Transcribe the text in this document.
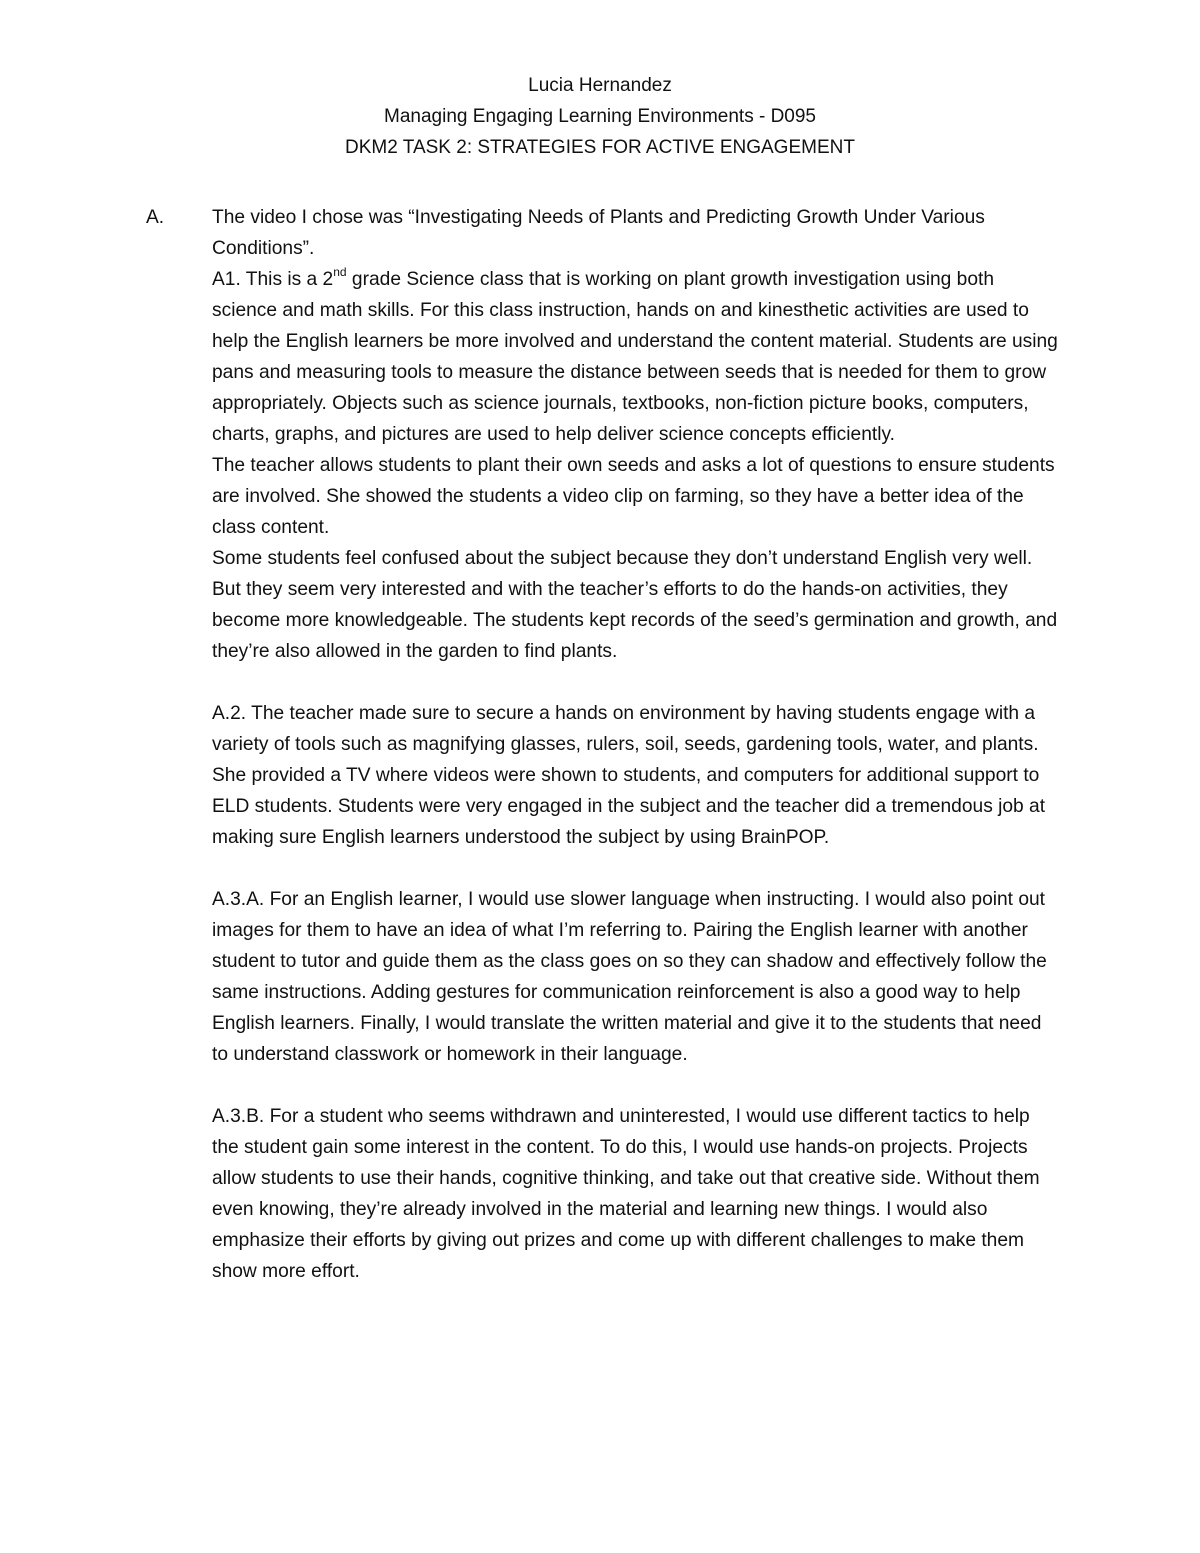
Lucia Hernandez
Managing Engaging Learning Environments - D095
DKM2 TASK 2: STRATEGIES FOR ACTIVE ENGAGEMENT
A. The video I chose was “Investigating Needs of Plants and Predicting Growth Under Various Conditions”.

A1. This is a 2nd grade Science class that is working on plant growth investigation using both science and math skills. For this class instruction, hands on and kinesthetic activities are used to help the English learners be more involved and understand the content material. Students are using pans and measuring tools to measure the distance between seeds that is needed for them to grow appropriately. Objects such as science journals, textbooks, non-fiction picture books, computers, charts, graphs, and pictures are used to help deliver science concepts efficiently.

The teacher allows students to plant their own seeds and asks a lot of questions to ensure students are involved. She showed the students a video clip on farming, so they have a better idea of the class content.

Some students feel confused about the subject because they don’t understand English very well. But they seem very interested and with the teacher’s efforts to do the hands-on activities, they become more knowledgeable. The students kept records of the seed’s germination and growth, and they’re also allowed in the garden to find plants.

A.2. The teacher made sure to secure a hands on environment by having students engage with a variety of tools such as magnifying glasses, rulers, soil, seeds, gardening tools, water, and plants. She provided a TV where videos were shown to students, and computers for additional support to ELD students. Students were very engaged in the subject and the teacher did a tremendous job at making sure English learners understood the subject by using BrainPOP.

A.3.A. For an English learner, I would use slower language when instructing. I would also point out images for them to have an idea of what I’m referring to. Pairing the English learner with another student to tutor and guide them as the class goes on so they can shadow and effectively follow the same instructions. Adding gestures for communication reinforcement is also a good way to help English learners. Finally, I would translate the written material and give it to the students that need to understand classwork or homework in their language.

A.3.B. For a student who seems withdrawn and uninterested, I would use different tactics to help the student gain some interest in the content. To do this, I would use hands-on projects. Projects allow students to use their hands, cognitive thinking, and take out that creative side. Without them even knowing, they’re already involved in the material and learning new things. I would also emphasize their efforts by giving out prizes and come up with different challenges to make them show more effort.
